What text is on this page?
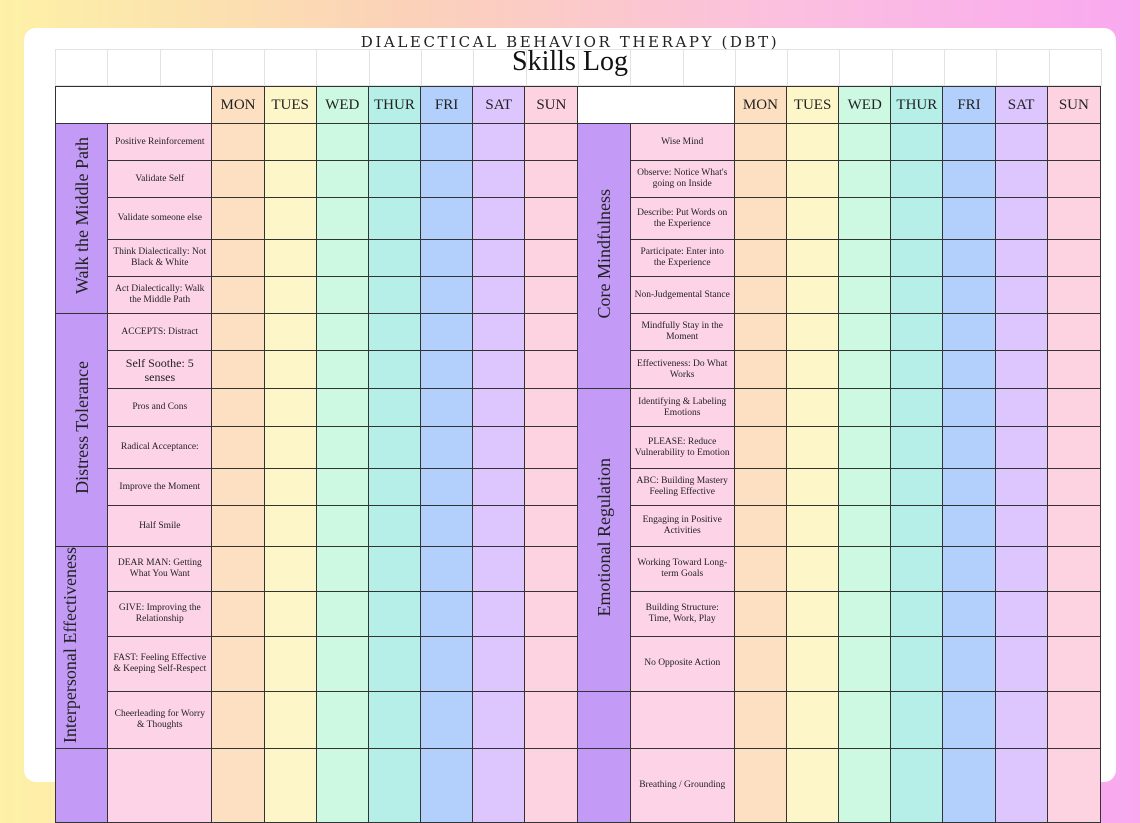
DIALECTICAL BEHAVIOR THERAPY (DBT)
Skills Log
		MON	TUES	WED	THUR	FRI	SAT	SUN			MON	TUES	WED	THUR	FRI	SAT	SUN
Walk the Middle Path	Positive Reinforcement								Core Mindfulness	Wise Mind							
	Validate Self									Observe: Notice What's going on Inside							
	Validate someone else									Describe: Put Words on the Experience							
	Think Dialectically: Not Black & White									Participate: Enter into the Experience							
	Act Dialectically: Walk the Middle Path									Non-Judgemental Stance							
Distress Tolerance	ACCEPTS: Distract									Mindfully Stay in the Moment							
	Self Soothe: 5 senses									Effectiveness: Do What Works							
	Pros and Cons								Emotional Regulation	Identifying & Labeling Emotions							
	Radical Acceptance:									PLEASE: Reduce Vulnerability to Emotion							
	Improve the Moment									ABC: Building Mastery Feeling Effective							
	Half Smile									Engaging in Positive Activities							
Interpersonal Effectiveness	DEAR MAN: Getting What You Want									Working Toward Long-term Goals							
	GIVE: Improving the Relationship									Building Structure: Time, Work, Play							
	FAST: Feeling Effective & Keeping Self-Respect									No Opposite Action							
	Cheerleading for Worry & Thoughts																
										Breathing / Grounding							
